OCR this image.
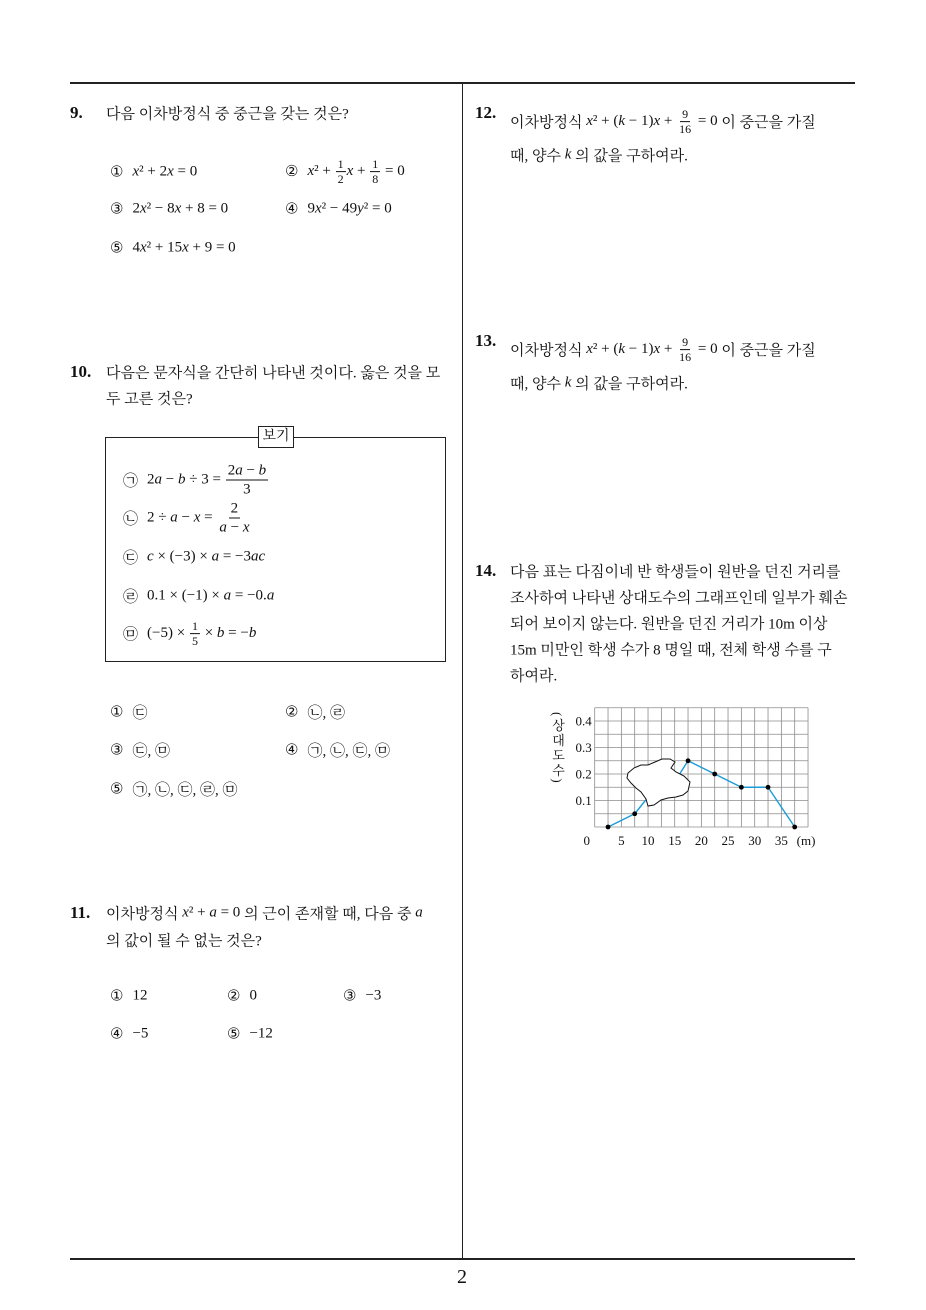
9. 다음 이차방정식 중 중근을 갖는 것은?
① x² + 2x = 0	② $x^2 + \frac{1}{2}$ $x + \frac{1}{8} = 0$
③ 2x² − 8x + 8 = 0	④ 9x² − 49y² = 0
⑤ 4x² + 15x + 9 = 0
10. 다음은 문자식을 간단히 나타낸 것이다. 옳은 것을 모
두 고른 것은?
보기
㉠ $2a - b \div 3 = \frac{2a - b}{3}$
㉡ $2 \div a - x = \frac{2}{a - x}$
㉢ c × (−3) × a = −3ac
㉣ 0.1 × (−1) × a = −0.a
㉤ $(-5) \times \frac{1}{5} \times b = -b$
① ㉢	② ㉡, ㉣
③ ㉢, ㉤	④ ㉠, ㉡, ㉢, ㉤
⑤ ㉠, ㉡, ㉢, ㉣, ㉤
11. 이차방정식 x² + a = 0 의 근이 존재할 때, 다음 중 a
의 값이 될 수 없는 것은?
① 12	② 0	③ −3
④ −5	⑤ −12
12.
이차방정식 $x^2 + (k - 1)x + \frac{9}{16} = 0$ 이 중근을 가질
때, 양수 k 의 값을 구하여라.
13.
이차방정식 $x^2 + (k - 1)x + \frac{9}{16} = 0$ 이 중근을 가질
때, 양수 k 의 값을 구하여라.
14. 다음 표는 다짐이네 반 학생들이 원반을 던진 거리를
조사하여 나타낸 상대도수의 그래프인데 일부가 훼손
되어 보이지 않는다. 원반을 던진 거리가 10m 이상
15m 미만인 학생 수가 8 명일 때, 전체 학생 수를 구
하여라.
(상대도수)
0.1
0.2
0.3
0.4
0 5 10 15 20 25 30 35 (m)
2
